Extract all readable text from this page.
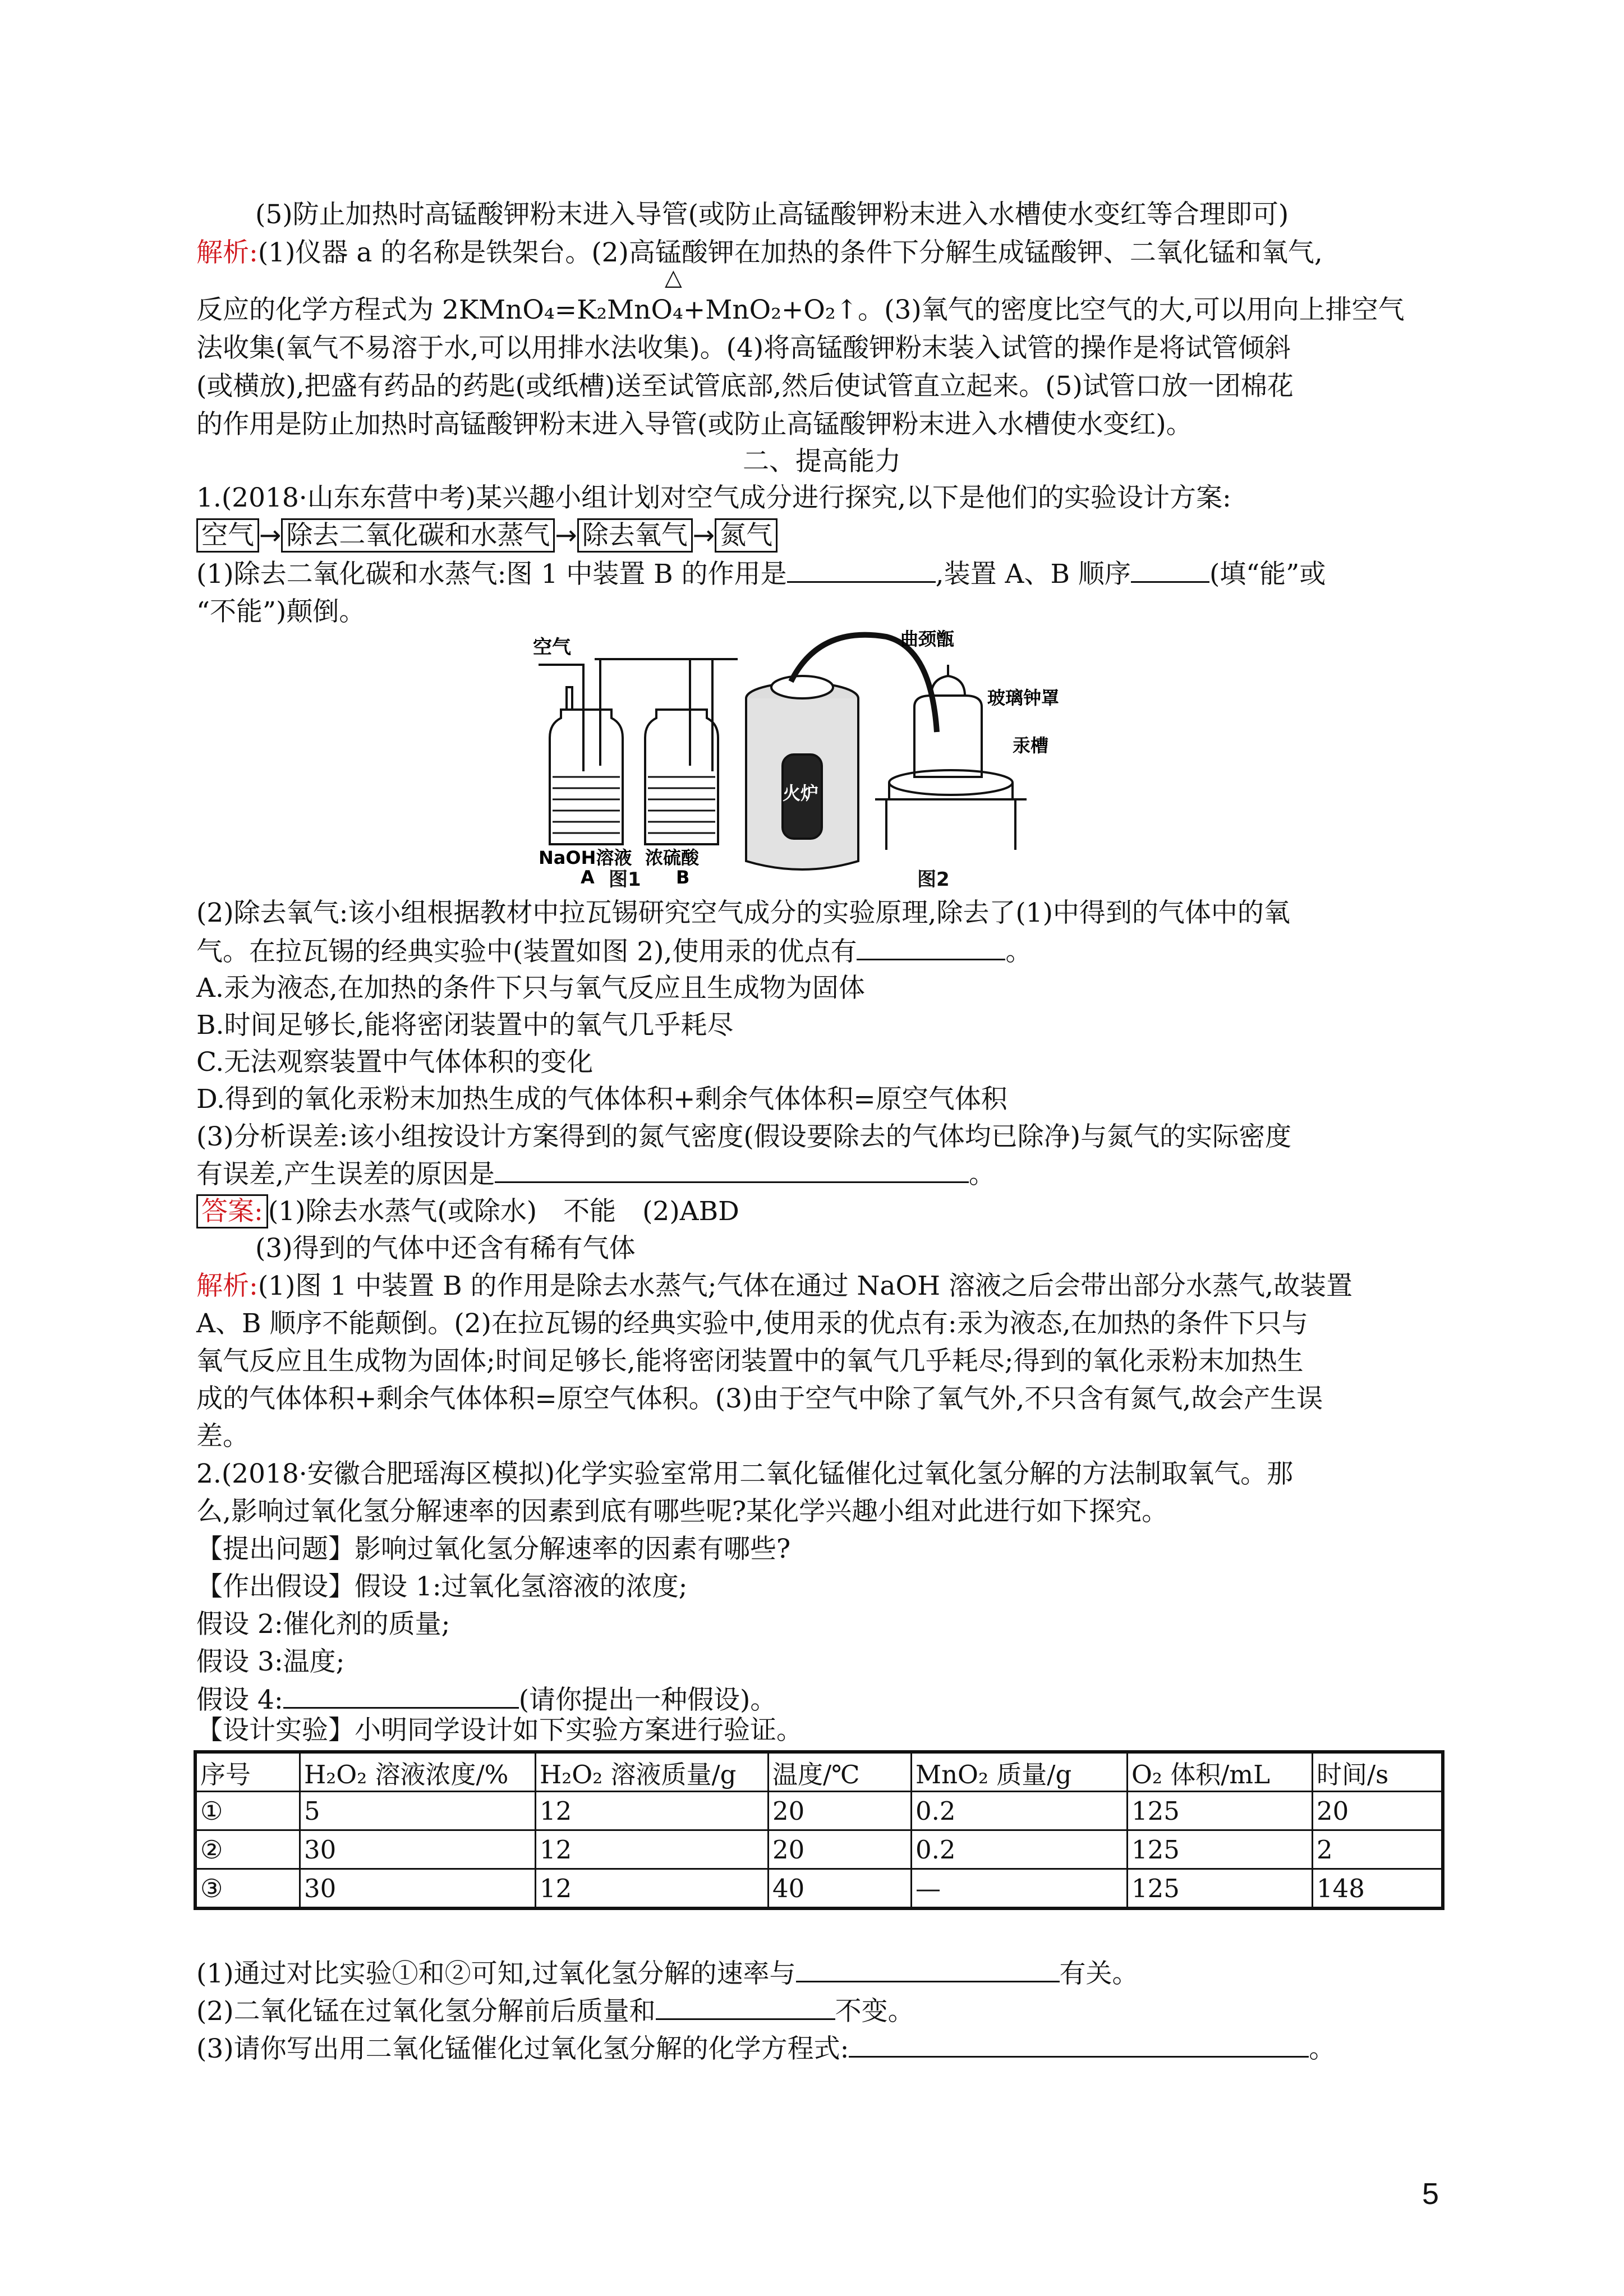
(5)防止加热时高锰酸钾粉末进入导管(或防止高锰酸钾粉末进入水槽使水变红等合理即可)
解析:(1)仪器 a 的名称是铁架台。(2)高锰酸钾在加热的条件下分解生成锰酸钾、二氧化锰和氧气,
△
反应的化学方程式为 2KMnO₄=K₂MnO₄+MnO₂+O₂↑。(3)氧气的密度比空气的大,可以用向上排空气
法收集(氧气不易溶于水,可以用排水法收集)。(4)将高锰酸钾粉末装入试管的操作是将试管倾斜
(或横放),把盛有药品的药匙(或纸槽)送至试管底部,然后使试管直立起来。(5)试管口放一团棉花
的作用是防止加热时高锰酸钾粉末进入导管(或防止高锰酸钾粉末进入水槽使水变红)。
二、提高能力
1.(2018·山东东营中考)某兴趣小组计划对空气成分进行探究,以下是他们的实验设计方案:
空气 → 除去二氧化碳和水蒸气 → 除去氧气 → 氮气
(1)除去二氧化碳和水蒸气:图 1 中装置 B 的作用是	,装置 A、B 顺序	(填“能”或
“不能”)颠倒。
空气
NaOH溶液
A
浓硫酸
B
火炉
曲颈甑
玻璃钟罩
汞槽
图1	图2
(2)除去氧气:该小组根据教材中拉瓦锡研究空气成分的实验原理,除去了(1)中得到的气体中的氧
气。在拉瓦锡的经典实验中(装置如图 2),使用汞的优点有	。
A.汞为液态,在加热的条件下只与氧气反应且生成物为固体
B.时间足够长,能将密闭装置中的氧气几乎耗尽
C.无法观察装置中气体体积的变化
D.得到的氧化汞粉末加热生成的气体体积+剩余气体体积=原空气体积
(3)分析误差:该小组按设计方案得到的氮气密度(假设要除去的气体均已除净)与氮气的实际密度
有误差,产生误差的原因是	。
答案: (1)除去水蒸气(或除水)　不能　(2)ABD
(3)得到的气体中还含有稀有气体
解析:(1)图 1 中装置 B 的作用是除去水蒸气;气体在通过 NaOH 溶液之后会带出部分水蒸气,故装置
A、B 顺序不能颠倒。(2)在拉瓦锡的经典实验中,使用汞的优点有:汞为液态,在加热的条件下只与
氧气反应且生成物为固体;时间足够长,能将密闭装置中的氧气几乎耗尽;得到的氧化汞粉末加热生
成的气体体积+剩余气体体积=原空气体积。(3)由于空气中除了氧气外,不只含有氮气,故会产生误
差。
2.(2018·安徽合肥瑶海区模拟)化学实验室常用二氧化锰催化过氧化氢分解的方法制取氧气。那
么,影响过氧化氢分解速率的因素到底有哪些呢?某化学兴趣小组对此进行如下探究。
【提出问题】影响过氧化氢分解速率的因素有哪些?
【作出假设】假设 1:过氧化氢溶液的浓度;
假设 2:催化剂的质量;
假设 3:温度;
假设 4:	(请你提出一种假设)。
【设计实验】小明同学设计如下实验方案进行验证。
序号	H₂O₂ 溶液浓度/%	H₂O₂ 溶液质量/g	温度/℃	MnO₂ 质量/g	O₂ 体积/mL	时间/s
①	5	12	20	0.2	125	20
②	30	12	20	0.2	125	2
③	30	12	40	—	125	148
(1)通过对比实验①和②可知,过氧化氢分解的速率与	有关。
(2)二氧化锰在过氧化氢分解前后质量和	不变。
(3)请你写出用二氧化锰催化过氧化氢分解的化学方程式:	。
5
